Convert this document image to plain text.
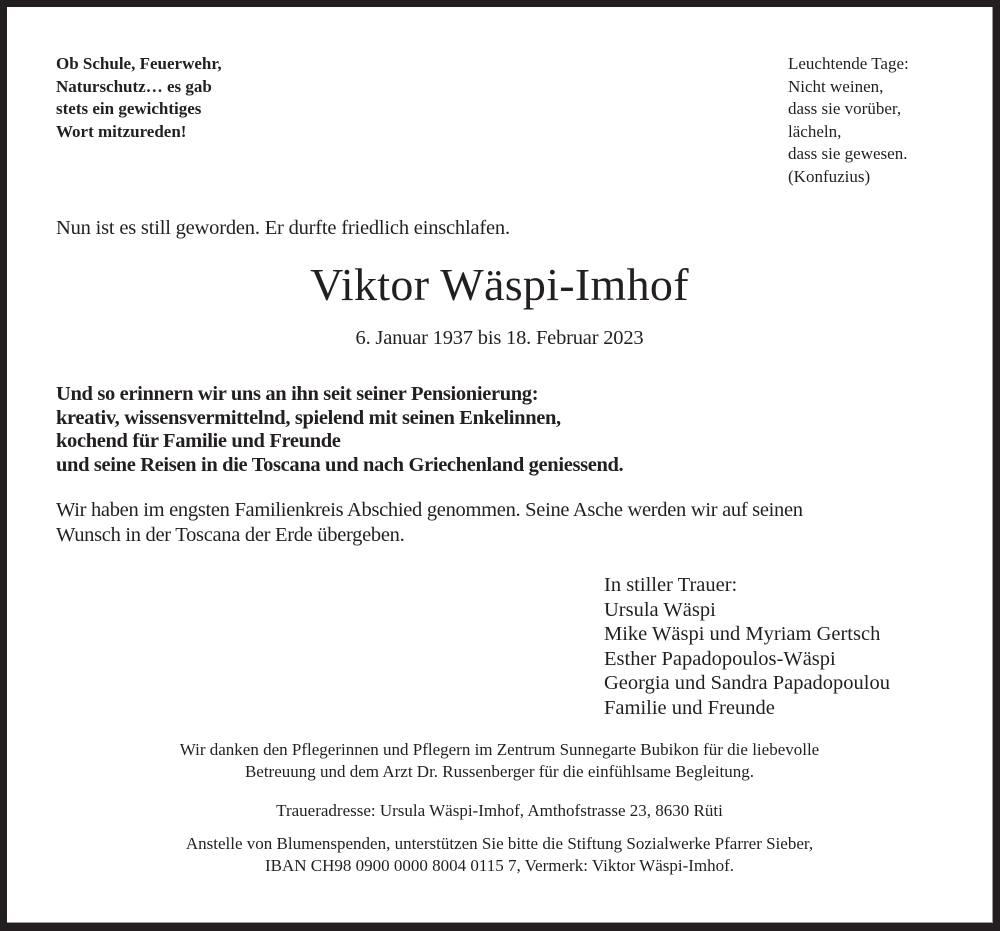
Ob Schule, Feuerwehr,
Naturschutz… es gab
stets ein gewichtiges
Wort mitzureden!
Leuchtende Tage:
Nicht weinen,
dass sie vorüber,
lächeln,
dass sie gewesen.
(Konfuzius)
Nun ist es still geworden. Er durfte friedlich einschlafen.
Viktor Wäspi-Imhof
6. Januar 1937 bis 18. Februar 2023
Und so erinnern wir uns an ihn seit seiner Pensionierung:
kreativ, wissensvermittelnd, spielend mit seinen Enkelinnen,
kochend für Familie und Freunde
und seine Reisen in die Toscana und nach Griechenland geniessend.
Wir haben im engsten Familienkreis Abschied genommen. Seine Asche werden wir auf seinen
Wunsch in der Toscana der Erde übergeben.
In stiller Trauer:
Ursula Wäspi
Mike Wäspi und Myriam Gertsch
Esther Papadopoulos-Wäspi
Georgia und Sandra Papadopoulou
Familie und Freunde
Wir danken den Pflegerinnen und Pflegern im Zentrum Sunnegarte Bubikon für die liebevolle
Betreuung und dem Arzt Dr. Russenberger für die einfühlsame Begleitung.
Traueradresse: Ursula Wäspi-Imhof, Amthofstrasse 23, 8630 Rüti
Anstelle von Blumenspenden, unterstützen Sie bitte die Stiftung Sozialwerke Pfarrer Sieber,
IBAN CH98 0900 0000 8004 0115 7, Vermerk: Viktor Wäspi-Imhof.
